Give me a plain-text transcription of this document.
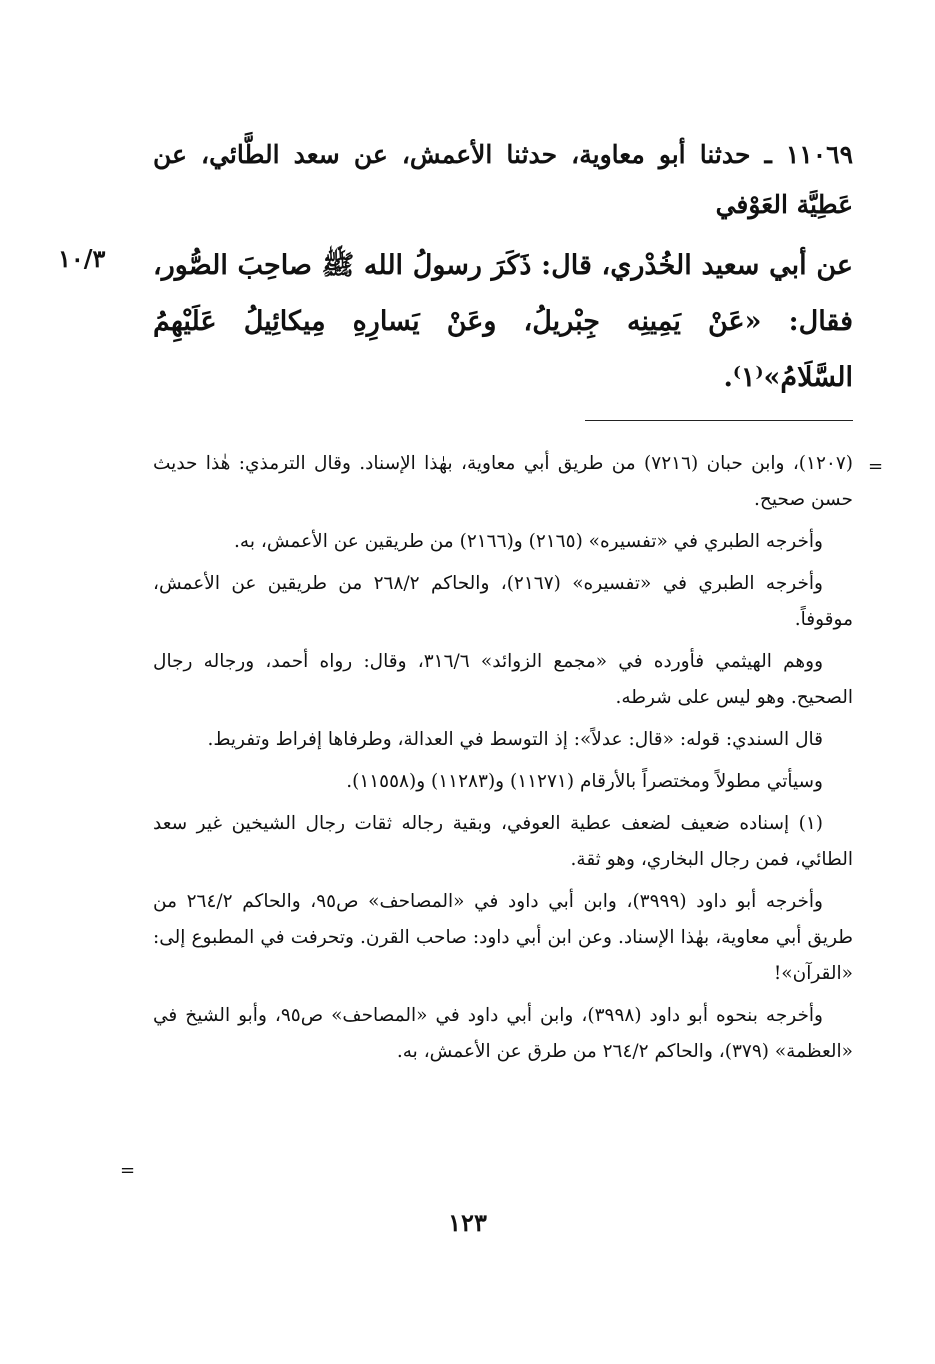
١١٠٦٩ ـ حدثنا أبو معاوية، حدثنا الأعمش، عن سعد الطَّائي، عن عَطِيَّة العَوْفي
١٠/٣ عن أبي سعيد الخُدْري، قال: ذَكَرَ رسولُ الله ﷺ صاحِبَ الصُّور، فقال: «عَنْ يَمِينِه جِبْريلُ، وعَنْ يَسارِهِ مِيكائِيلُ عَلَيْهِمُ السَّلَامُ»⁽١⁾.
=

(١٢٠٧)، وابن حبان (٧٢١٦) من طريق أبي معاوية، بهٰذا الإسناد. وقال الترمذي: هٰذا حديث حسن صحيح.

وأخرجه الطبري في «تفسيره» (٢١٦٥) و(٢١٦٦) من طريقين عن الأعمش، به.

وأخرجه الطبري في «تفسيره» (٢١٦٧)، والحاكم ٢٦٨/٢ من طريقين عن الأعمش، موقوفاً.

ووهم الهيثمي فأورده في «مجمع الزوائد» ٣١٦/٦، وقال: رواه أحمد، ورجاله رجال الصحيح. وهو ليس على شرطه.

قال السندي: قوله: «قال: عدلاً»: إذ التوسط في العدالة، وطرفاها إفراط وتفريط.

وسيأتي مطولاً ومختصراً بالأرقام (١١٢٧١) و(١١٢٨٣) و(١١٥٥٨).

(١) إسناده ضعيف لضعف عطية العوفي، وبقية رجاله ثقات رجال الشيخين غير سعد الطائي، فمن رجال البخاري، وهو ثقة.

وأخرجه أبو داود (٣٩٩٩)، وابن أبي داود في «المصاحف» ص٩٥، والحاكم ٢٦٤/٢ من طريق أبي معاوية، بهٰذا الإسناد. وعن ابن أبي داود: صاحب القرن. وتحرفت في المطبوع إلى: «القرآن»!

وأخرجه بنحوه أبو داود (٣٩٩٨)، وابن أبي داود في «المصاحف» ص٩٥، وأبو الشيخ في «العظمة» (٣٧٩)، والحاكم ٢٦٤/٢ من طرق عن الأعمش، به.

=
١٢٣
